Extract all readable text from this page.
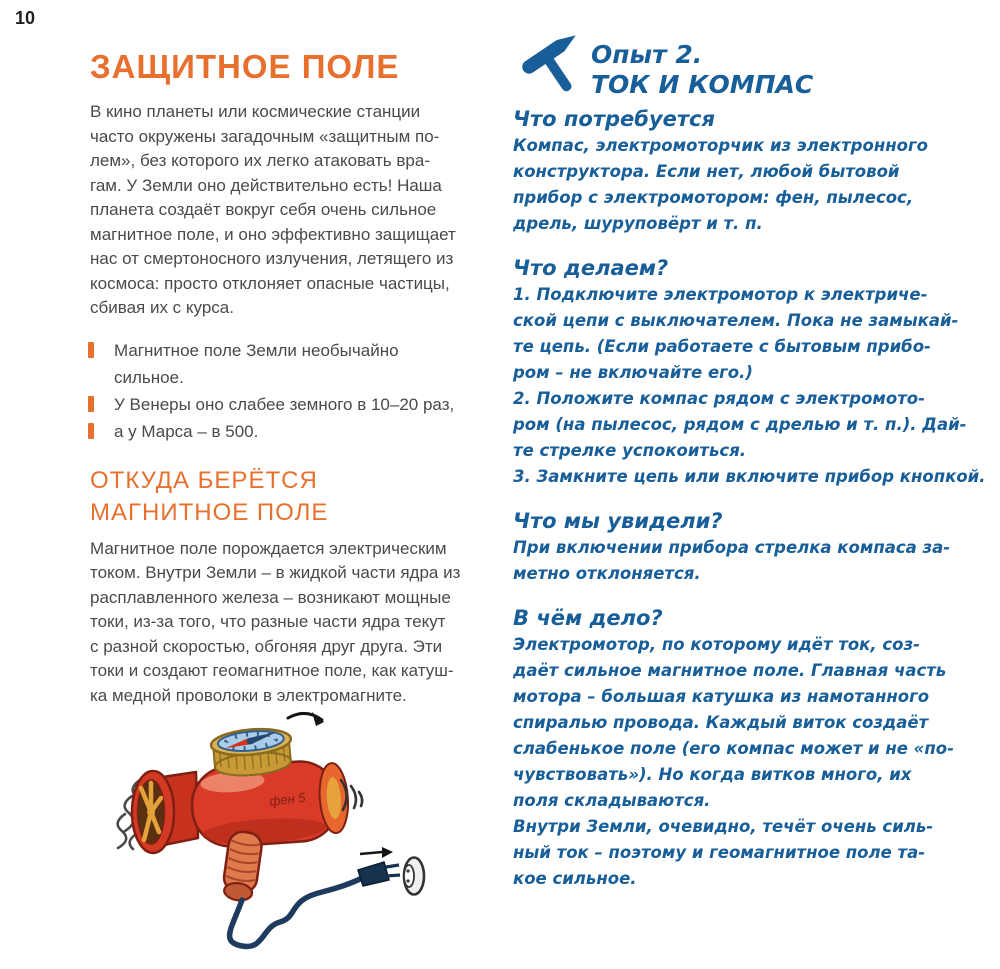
10
ЗАЩИТНОЕ ПОЛЕ
В кино планеты или космические станции
часто окружены загадочным «защитным по-
лем», без которого их легко атаковать вра-
гам. У Земли оно действительно есть! Наша
планета создаёт вокруг себя очень сильное
магнитное поле, и оно эффективно защищает
нас от смертоносного излучения, летящего из
космоса: просто отклоняет опасные частицы,
сбивая их с курса.
Магнитное поле Земли необычайно сильное.
У Венеры оно слабее земного в 10–20 раз,
а у Марса – в 500.
ОТКУДА БЕРЁТСЯ
МАГНИТНОЕ ПОЛЕ
Магнитное поле порождается электрическим
током. Внутри Земли – в жидкой части ядра из
расплавленного железа – возникают мощные
токи, из-за того, что разные части ядра текут
с разной скоростью, обгоняя друг друга. Эти
токи и создают геомагнитное поле, как катуш-
ка медной проволоки в электромагните.
фен 5
Опыт 2.
ТОК И КОМПАС
Что потребуется
Компас, электромоторчик из электронного
конструктора. Если нет, любой бытовой
прибор с электромотором: фен, пылесос,
дрель, шуруповёрт и т. п.
Что делаем?
1. Подключите электромотор к электриче-
ской цепи с выключателем. Пока не замыкай-
те цепь. (Если работаете с бытовым прибо-
ром – не включайте его.)
2. Положите компас рядом с электромото-
ром (на пылесос, рядом с дрелью и т. п.). Дай-
те стрелке успокоиться.
3. Замкните цепь или включите прибор кнопкой.
Что мы увидели?
При включении прибора стрелка компаса за-
метно отклоняется.
В чём дело?
Электромотор, по которому идёт ток, соз-
даёт сильное магнитное поле. Главная часть
мотора – большая катушка из намотанного
спиралью провода. Каждый виток создаёт
слабенькое поле (его компас может и не «по-
чувствовать»). Но когда витков много, их
поля складываются.
Внутри Земли, очевидно, течёт очень силь-
ный ток – поэтому и геомагнитное поле та-
кое сильное.
